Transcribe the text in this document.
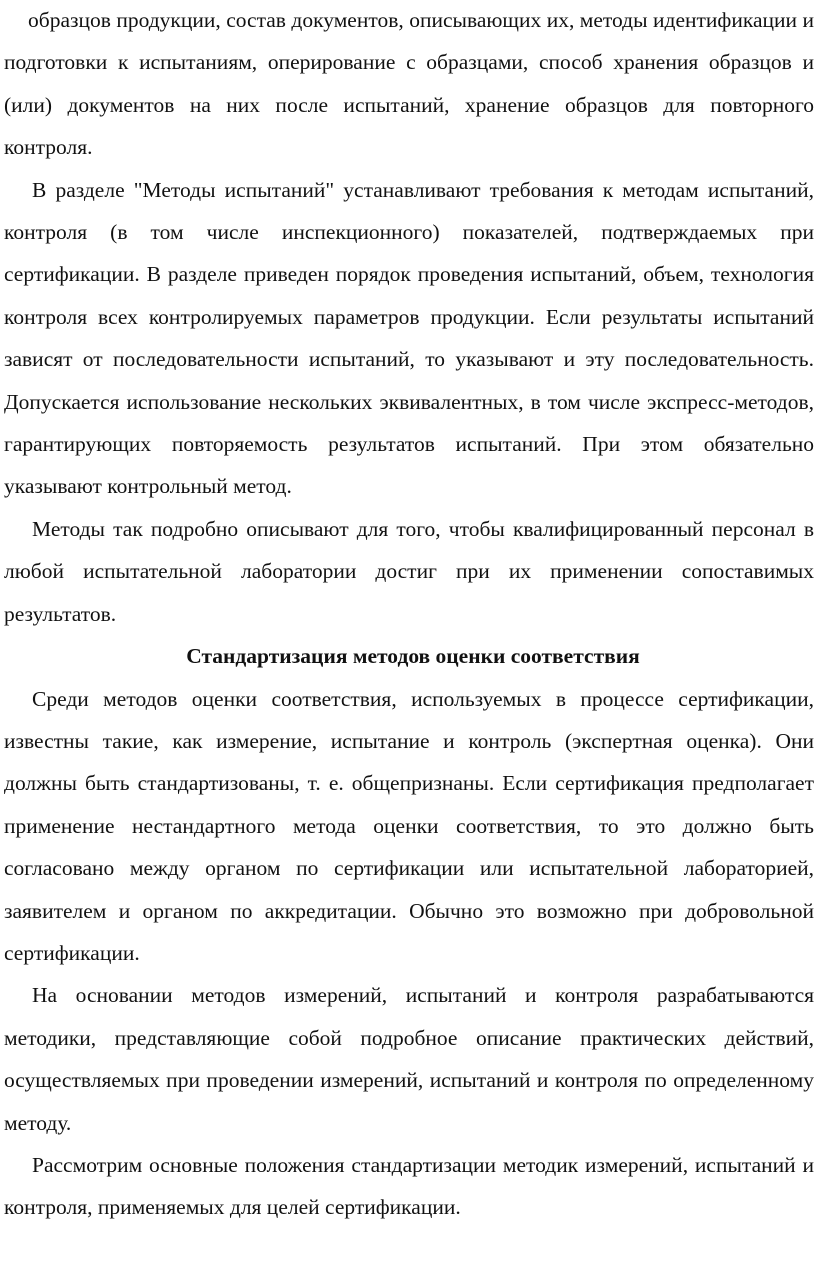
образцов продукции, состав документов, описывающих их, методы идентификации и подготовки к испытаниям, оперирование с образцами, способ хранения образцов и (или) документов на них после испытаний, хранение образцов для повторного контроля.

В разделе "Методы испытаний" устанавливают требования к методам испытаний, контроля (в том числе инспекционного) показателей, подтверждаемых при сертификации. В разделе приведен порядок проведения испытаний, объем, технология контроля всех контролируемых параметров продукции. Если результаты испытаний зависят от последовательности испытаний, то указывают и эту последовательность. Допускается использование нескольких эквивалентных, в том числе экспресс-методов, гарантирующих повторяемость результатов испытаний. При этом обязательно указывают контрольный метод.

Методы так подробно описывают для того, чтобы квалифицированный персонал в любой испытательной лаборатории достиг при их применении сопоставимых результатов.

Стандартизация методов оценки соответствия

Среди методов оценки соответствия, используемых в процессе сертификации, известны такие, как измерение, испытание и контроль (экспертная оценка). Они должны быть стандартизованы, т. е. общепризнаны. Если сертификация предполагает применение нестандартного метода оценки соответствия, то это должно быть согласовано между органом по сертификации или испытательной лабораторией, заявителем и органом по аккредитации. Обычно это возможно при добровольной сертификации.

На основании методов измерений, испытаний и контроля разрабатываются методики, представляющие собой подробное описание практических действий, осуществляемых при проведении измерений, испытаний и контроля по определенному методу.

Рассмотрим основные положения стандартизации методик измерений, испытаний и контроля, применяемых для целей сертификации.
